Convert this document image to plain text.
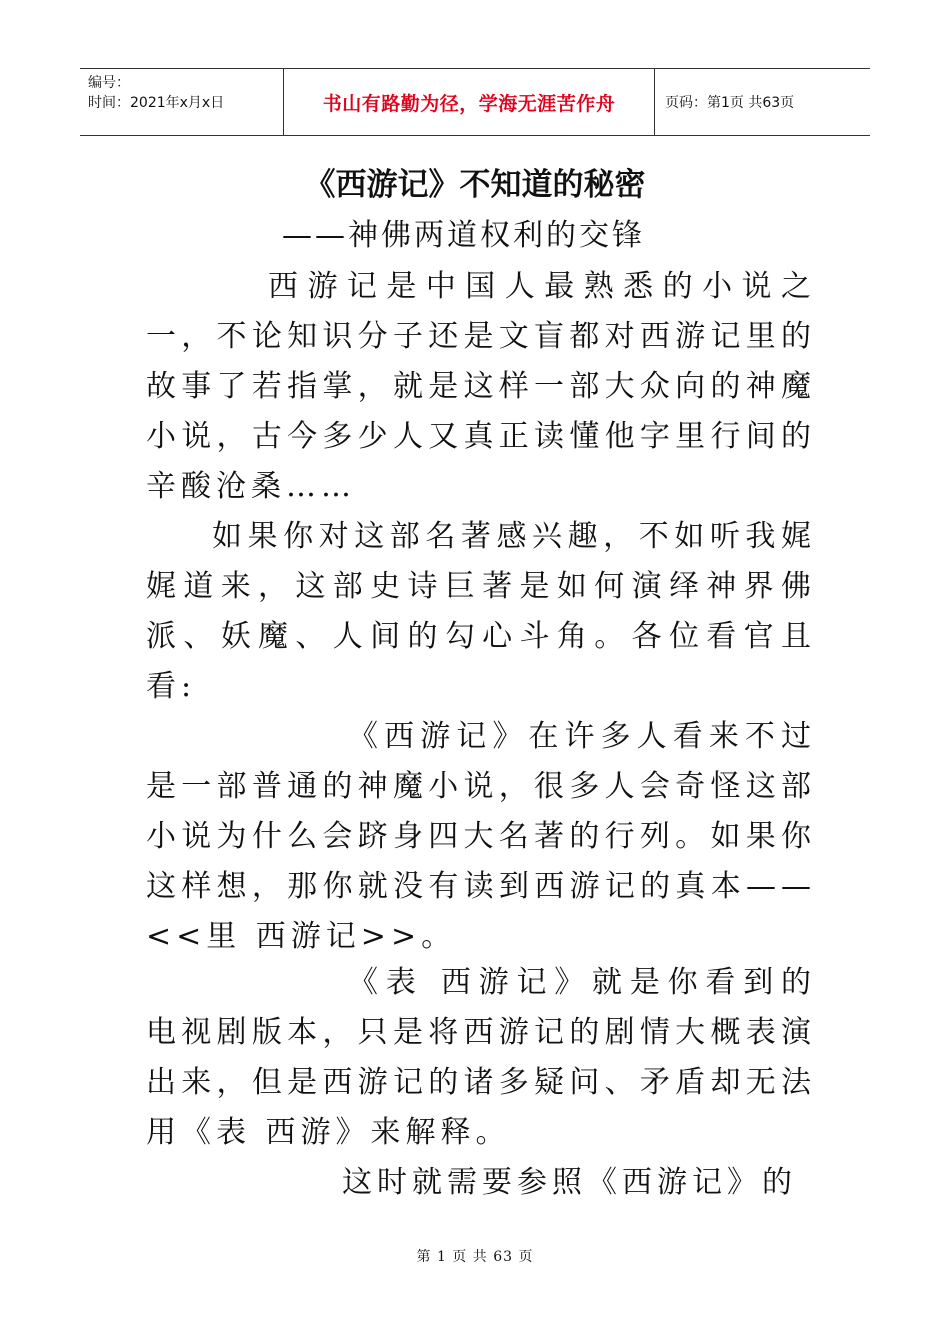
编号：
时间：2021年x月x日	书山有路勤为径，学海无涯苦作舟	页码：第1页 共63页
《西游记》不知道的秘密
——神佛两道权利的交锋

西游记是中国人最熟悉的小说之一，不论知识分子还是文盲都对西游记里的故事了若指掌，就是这样一部大众向的神魔小说，古今多少人又真正读懂他字里行间的辛酸沧桑……

如果你对这部名著感兴趣，不如听我娓娓道来，这部史诗巨著是如何演绎神界佛派、妖魔、人间的勾心斗角。各位看官且看:

《西游记》在许多人看来不过是一部普通的神魔小说，很多人会奇怪这部小说为什么会跻身四大名著的行列。如果你这样想，那你就没有读到西游记的真本——<<里 西游记>>。

《表 西游记》就是你看到的电视剧版本，只是将西游记的剧情大概表演出来，但是西游记的诸多疑问、矛盾却无法用《表 西游》来解释。

这时就需要参照《西游记》的

第 1 页 共 63 页
